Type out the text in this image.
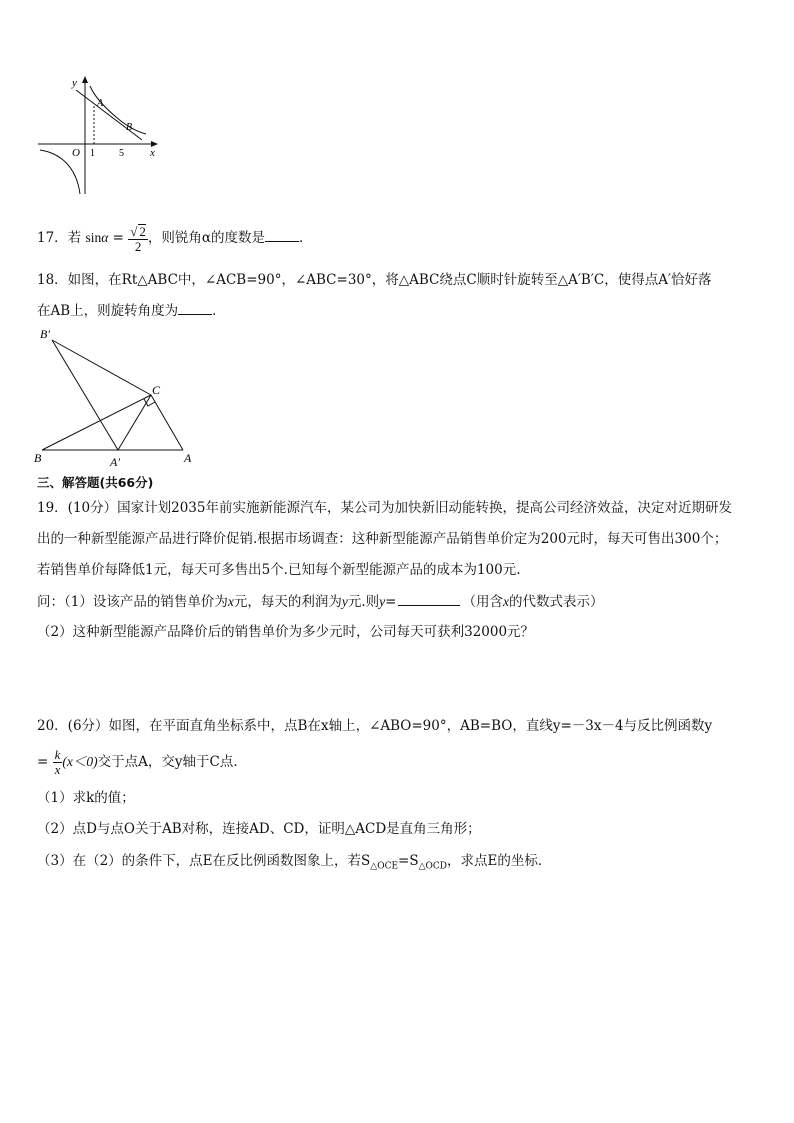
y
x
O
A
B
1 5
17．若 $\sin\alpha = \frac{√ 2}{2}$ ，则锐角α的度数是	．
18．如图，在Rt△ABC中，∠ACB=90°，∠ABC=30°，将△ABC绕点C顺时针旋转至△A′B′C，使得点A′恰好落
在AB上，则旋转角度为	．
B′
C
B	A′	A
三、解答题(共66分)
19．(10分）国家计划2035年前实施新能源汽车，某公司为加快新旧动能转换，提高公司经济效益，决定对近期研发
出的一种新型能源产品进行降价促销.根据市场调查：这种新型能源产品销售单价定为200元时，每天可售出300个；
若销售单价每降低1元，每天可多售出5个.已知每个新型能源产品的成本为100元.
问：（1）设该产品的销售单价为x元，每天的利润为y元.则y=	（用含x的代数式表示）
（2）这种新型能源产品降价后的销售单价为多少元时，公司每天可获利32000元？
20．(6分）如图，在平面直角坐标系中，点B在x轴上，∠ABO=90°，AB=BO，直线y=－3x－4与反比例函数y
= $\frac{k}{x} (x<0)$交于点A，交y轴于C点.
（1）求k的值；
（2）点D与点O关于AB对称，连接AD、CD，证明△ACD是直角三角形；
（3）在（2）的条件下，点E在反比例函数图象上，若$S_{\triangle OCE}=S_{\triangle OCD}$，求点E的坐标．
